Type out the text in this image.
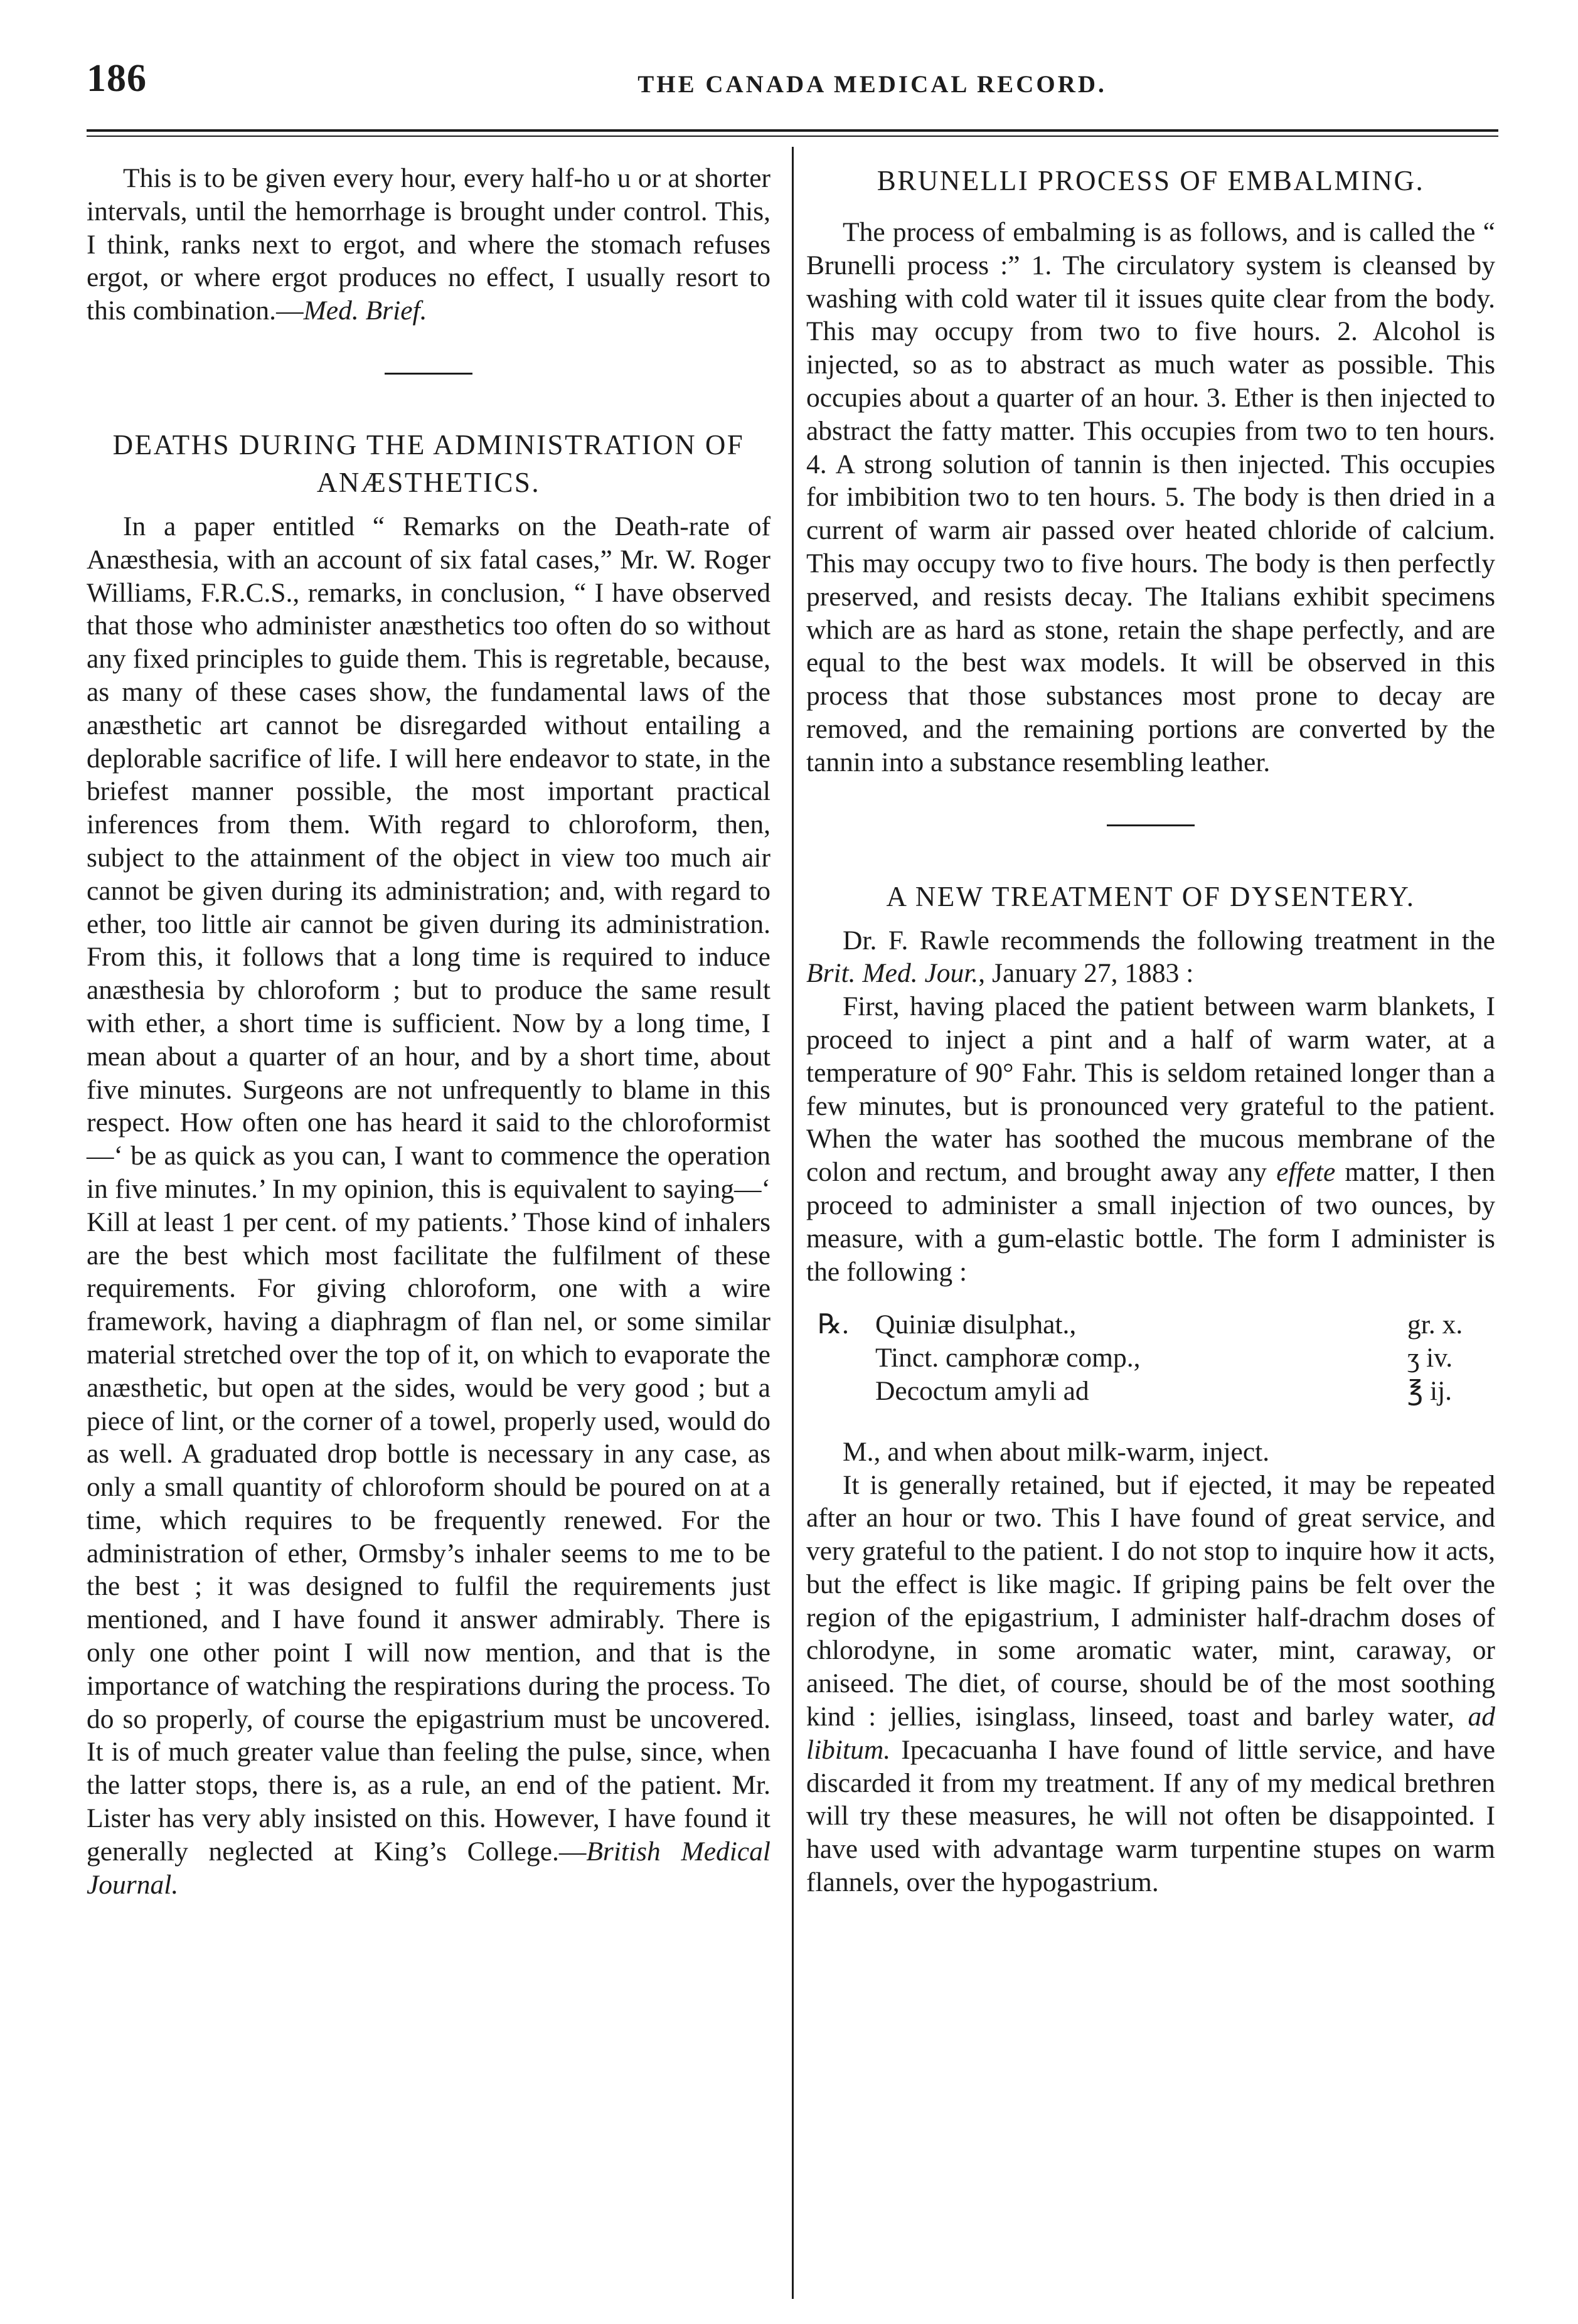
186	THE CANADA MEDICAL RECORD.

This is to be given every hour, every half-ho u or at shorter intervals, until the hemorrhage is brought under control. This, I think, ranks next to ergot, and where the stomach refuses ergot, or where ergot produces no effect, I usually resort to this combination.—Med. Brief.

DEATHS DURING THE ADMINISTRATION OF ANÆSTHETICS.

In a paper entitled “ Remarks on the Death-rate of Anæsthesia, with an account of six fatal cases,” Mr. W. Roger Williams, F.R.C.S., remarks, in conclusion, “ I have observed that those who administer anæsthetics too often do so without any fixed principles to guide them. This is regretable, because, as many of these cases show, the fundamental laws of the anæsthetic art cannot be disregarded without entailing a deplorable sacrifice of life. I will here endeavor to state, in the briefest manner possible, the most important practical inferences from them. With regard to chloroform, then, subject to the attainment of the object in view too much air cannot be given during its administration; and, with regard to ether, too little air cannot be given during its administration. From this, it follows that a long time is required to induce anæsthesia by chloroform ; but to produce the same result with ether, a short time is sufficient. Now by a long time, I mean about a quarter of an hour, and by a short time, about five minutes. Surgeons are not unfrequently to blame in this respect. How often one has heard it said to the chloroformist—‘ be as quick as you can, I want to commence the operation in five minutes.’ In my opinion, this is equivalent to saying—‘ Kill at least 1 per cent. of my patients.’ Those kind of inhalers are the best which most facilitate the fulfilment of these requirements. For giving chloroform, one with a wire framework, having a diaphragm of flan nel, or some similar material stretched over the top of it, on which to evaporate the anæsthetic, but open at the sides, would be very good ; but a piece of lint, or the corner of a towel, properly used, would do as well. A graduated drop bottle is necessary in any case, as only a small quantity of chloroform should be poured on at a time, which requires to be frequently renewed. For the administration of ether, Ormsby’s inhaler seems to me to be the best ; it was designed to fulfil the requirements just mentioned, and I have found it answer admirably. There is only one other point I will now mention, and that is the importance of watching the respirations during the process. To do so properly, of course the epigastrium must be uncovered. It is of much greater value than feeling the pulse, since, when the latter stops, there is, as a rule, an end of the patient. Mr. Lister has very ably insisted on this. However, I have found it generally neglected at King’s College.—British Medical Journal.

BRUNELLI PROCESS OF EMBALMING.

The process of embalming is as follows, and is called the “ Brunelli process :” 1. The circulatory system is cleansed by washing with cold water til it issues quite clear from the body. This may occupy from two to five hours. 2. Alcohol is injected, so as to abstract as much water as possible. This occupies about a quarter of an hour. 3. Ether is then injected to abstract the fatty matter. This occupies from two to ten hours. 4. A strong solution of tannin is then injected. This occupies for imbibition two to ten hours. 5. The body is then dried in a current of warm air passed over heated chloride of calcium. This may occupy two to five hours. The body is then perfectly preserved, and resists decay. The Italians exhibit specimens which are as hard as stone, retain the shape perfectly, and are equal to the best wax models. It will be observed in this process that those substances most prone to decay are removed, and the remaining portions are converted by the tannin into a substance resembling leather.

A NEW TREATMENT OF DYSENTERY.

Dr. F. Rawle recommends the following treatment in the Brit. Med. Jour., January 27, 1883 :

First, having placed the patient between warm blankets, I proceed to inject a pint and a half of warm water, at a temperature of 90° Fahr. This is seldom retained longer than a few minutes, but is pronounced very grateful to the patient. When the water has soothed the mucous membrane of the colon and rectum, and brought away any effete matter, I then proceed to administer a small injection of two ounces, by measure, with a gum-elastic bottle. The form I administer is the following :

℞. Quiniæ disulphat.,	gr. x.
Tinct. camphoræ comp.,	ʒ iv.
Decoctum amyli ad	℥ ij.

M., and when about milk-warm, inject.

It is generally retained, but if ejected, it may be repeated after an hour or two. This I have found of great service, and very grateful to the patient. I do not stop to inquire how it acts, but the effect is like magic. If griping pains be felt over the region of the epigastrium, I administer half-drachm doses of chlorodyne, in some aromatic water, mint, caraway, or aniseed. The diet, of course, should be of the most soothing kind : jellies, isinglass, linseed, toast and barley water, ad libitum. Ipecacuanha I have found of little service, and have discarded it from my treatment. If any of my medical brethren will try these measures, he will not often be disappointed. I have used with advantage warm turpentine stupes on warm flannels, over the hypogastrium.
